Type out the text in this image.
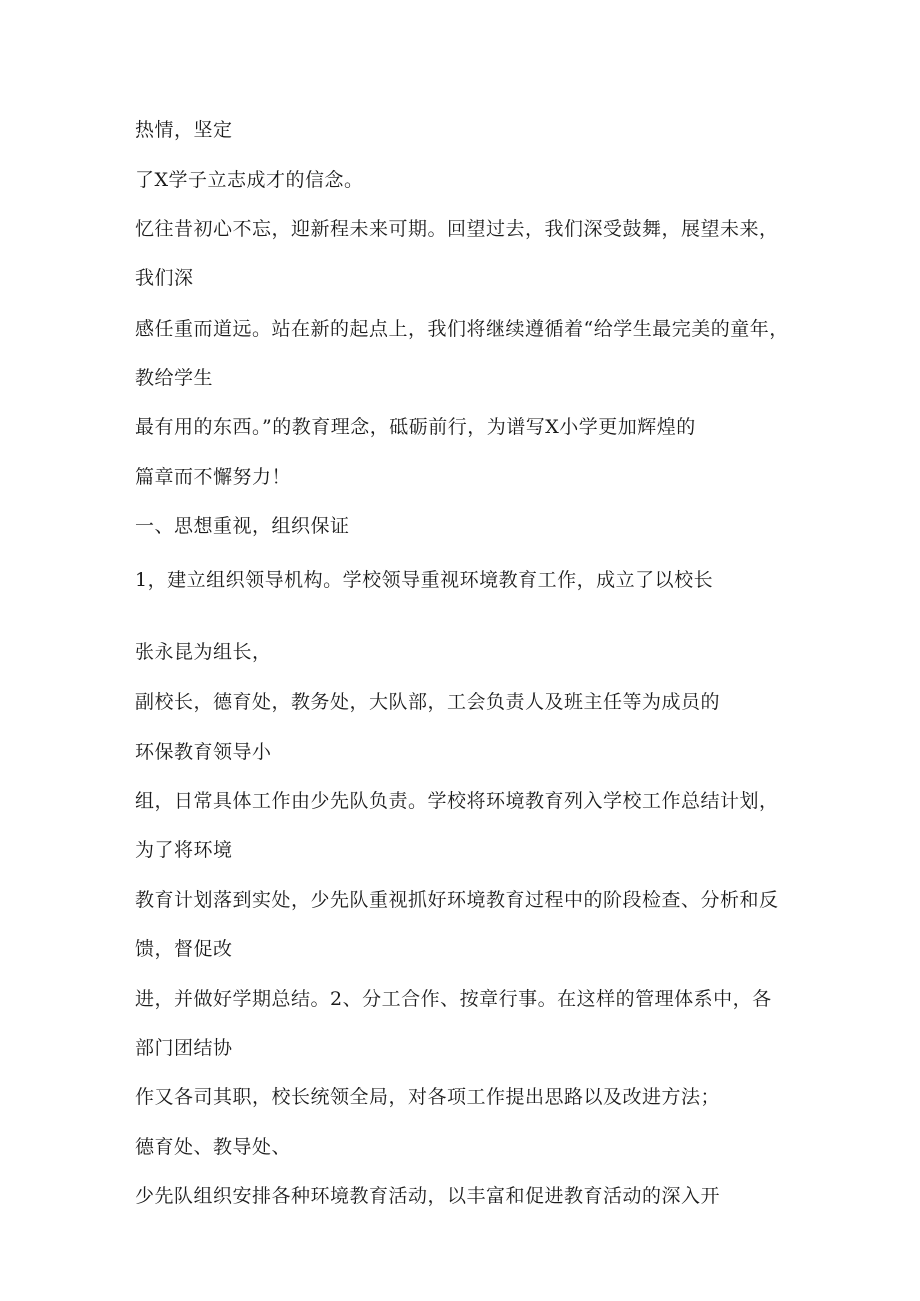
热情，坚定
了X学子立志成才的信念。
忆往昔初心不忘，迎新程未来可期。回望过去，我们深受鼓舞，展望未来，
我们深
感任重而道远。站在新的起点上，我们将继续遵循着“给学生最完美的童年，
教给学生
最有用的东西。”的教育理念，砥砺前行，为谱写X小学更加辉煌的
篇章而不懈努力！
一、思想重视，组织保证
1，建立组织领导机构。学校领导重视环境教育工作，成立了以校长
张永昆为组长，
副校长，德育处，教务处，大队部，工会负责人及班主任等为成员的
环保教育领导小
组，日常具体工作由少先队负责。学校将环境教育列入学校工作总结计划，
为了将环境
教育计划落到实处，少先队重视抓好环境教育过程中的阶段检查、分析和反
馈，督促改
进，并做好学期总结。2、分工合作、按章行事。在这样的管理体系中，各
部门团结协
作又各司其职，校长统领全局，对各项工作提出思路以及改进方法；
德育处、教导处、
少先队组织安排各种环境教育活动，以丰富和促进教育活动的深入开
